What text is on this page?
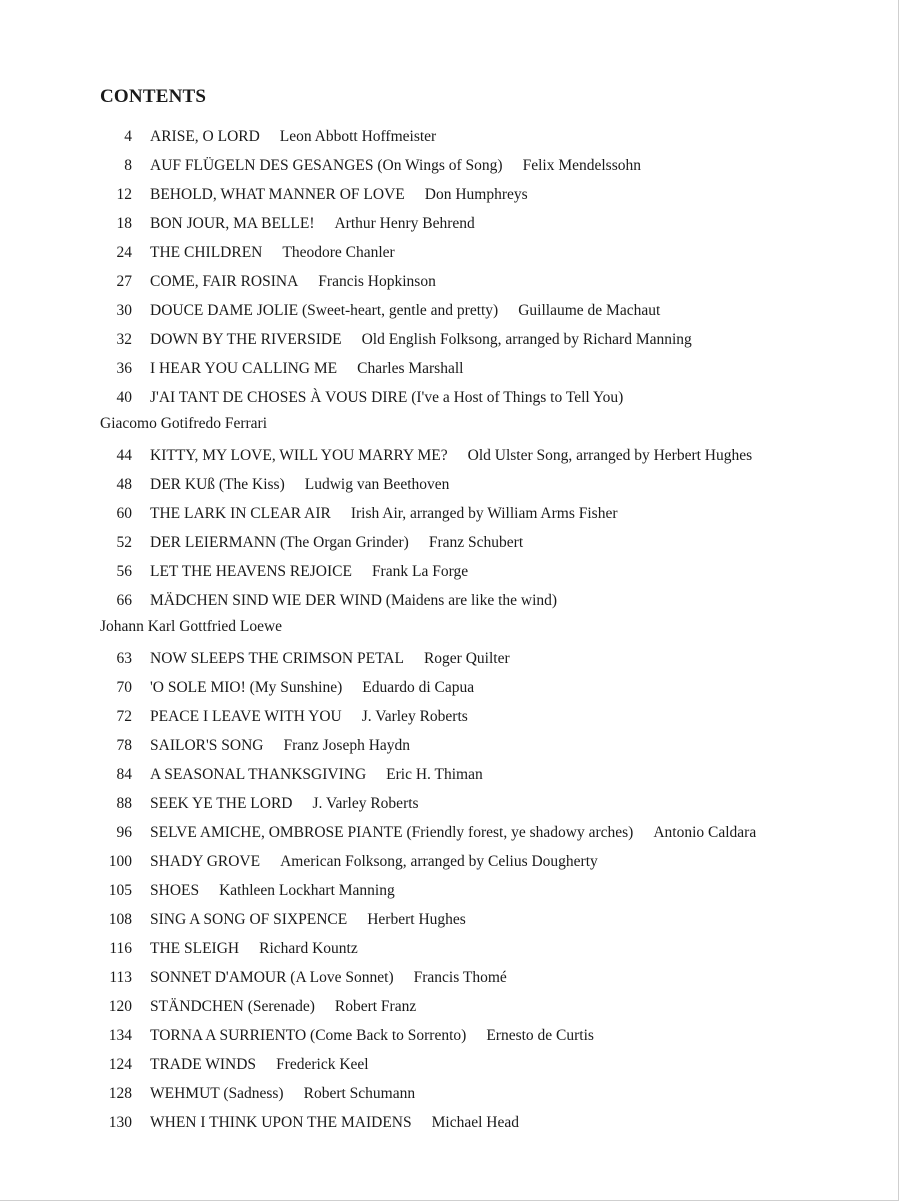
CONTENTS
4 ARISE, O LORD Leon Abbott Hoffmeister
8 AUF FLÜGELN DES GESANGES (On Wings of Song) Felix Mendelssohn
12 BEHOLD, WHAT MANNER OF LOVE Don Humphreys
18 BON JOUR, MA BELLE! Arthur Henry Behrend
24 THE CHILDREN Theodore Chanler
27 COME, FAIR ROSINA Francis Hopkinson
30 DOUCE DAME JOLIE (Sweet-heart, gentle and pretty) Guillaume de Machaut
32 DOWN BY THE RIVERSIDE Old English Folksong, arranged by Richard Manning
36 I HEAR YOU CALLING ME Charles Marshall
40 J'AI TANT DE CHOSES À VOUS DIRE (I've a Host of Things to Tell You)
Giacomo Gotifredo Ferrari
44 KITTY, MY LOVE, WILL YOU MARRY ME? Old Ulster Song, arranged by Herbert Hughes
48 DER KUß (The Kiss) Ludwig van Beethoven
60 THE LARK IN CLEAR AIR Irish Air, arranged by William Arms Fisher
52 DER LEIERMANN (The Organ Grinder) Franz Schubert
56 LET THE HEAVENS REJOICE Frank La Forge
66 MÄDCHEN SIND WIE DER WIND (Maidens are like the wind)
Johann Karl Gottfried Loewe
63 NOW SLEEPS THE CRIMSON PETAL Roger Quilter
70 'O SOLE MIO! (My Sunshine) Eduardo di Capua
72 PEACE I LEAVE WITH YOU J. Varley Roberts
78 SAILOR'S SONG Franz Joseph Haydn
84 A SEASONAL THANKSGIVING Eric H. Thiman
88 SEEK YE THE LORD J. Varley Roberts
96 SELVE AMICHE, OMBROSE PIANTE (Friendly forest, ye shadowy arches) Antonio Caldara
100 SHADY GROVE American Folksong, arranged by Celius Dougherty
105 SHOES Kathleen Lockhart Manning
108 SING A SONG OF SIXPENCE Herbert Hughes
116 THE SLEIGH Richard Kountz
113 SONNET D'AMOUR (A Love Sonnet) Francis Thomé
120 STÄNDCHEN (Serenade) Robert Franz
134 TORNA A SURRIENTO (Come Back to Sorrento) Ernesto de Curtis
124 TRADE WINDS Frederick Keel
128 WEHMUT (Sadness) Robert Schumann
130 WHEN I THINK UPON THE MAIDENS Michael Head
